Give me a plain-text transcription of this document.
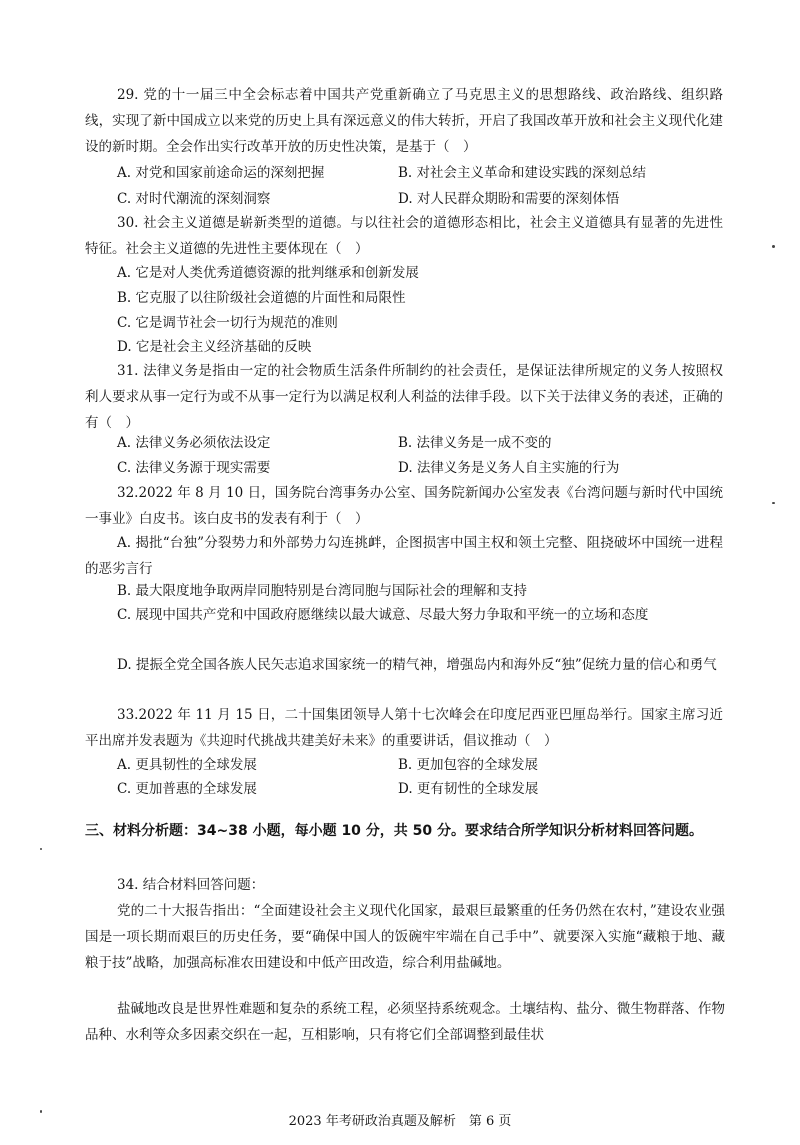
29. 党的十一届三中全会标志着中国共产党重新确立了马克思主义的思想路线、政治路线、组织路线，实现了新中国成立以来党的历史上具有深远意义的伟大转折，开启了我国改革开放和社会主义现代化建设的新时期。全会作出实行改革开放的历史性决策，是基于（　）

A. 对党和国家前途命运的深刻把握	B. 对社会主义革命和建设实践的深刻总结

C. 对时代潮流的深刻洞察	D. 对人民群众期盼和需要的深刻体悟

30. 社会主义道德是崭新类型的道德。与以往社会的道德形态相比，社会主义道德具有显著的先进性特征。社会主义道德的先进性主要体现在（　）

A. 它是对人类优秀道德资源的批判继承和创新发展

B. 它克服了以往阶级社会道德的片面性和局限性

C. 它是调节社会一切行为规范的准则

D. 它是社会主义经济基础的反映

31. 法律义务是指由一定的社会物质生活条件所制约的社会责任，是保证法律所规定的义务人按照权利人要求从事一定行为或不从事一定行为以满足权利人利益的法律手段。以下关于法律义务的表述，正确的有（　）

A. 法律义务必须依法设定	B. 法律义务是一成不变的

C. 法律义务源于现实需要	D. 法律义务是义务人自主实施的行为

32.2022 年 8 月 10 日，国务院台湾事务办公室、国务院新闻办公室发表《台湾问题与新时代中国统一事业》白皮书。该白皮书的发表有利于（　）

A. 揭批“台独”分裂势力和外部势力勾连挑衅，企图损害中国主权和领土完整、阻挠破坏中国统一进程的恶劣言行

B. 最大限度地争取两岸同胞特别是台湾同胞与国际社会的理解和支持

C. 展现中国共产党和中国政府愿继续以最大诚意、尽最大努力争取和平统一的立场和态度

D. 提振全党全国各族人民矢志追求国家统一的精气神，增强岛内和海外反“独”促统力量的信心和勇气

33.2022 年 11 月 15 日，二十国集团领导人第十七次峰会在印度尼西亚巴厘岛举行。国家主席习近平出席并发表题为《共迎时代挑战共建美好未来》的重要讲话，倡议推动（　）

A. 更具韧性的全球发展	B. 更加包容的全球发展

C. 更加普惠的全球发展	D. 更有韧性的全球发展

三、材料分析题：34~38 小题，每小题 10 分，共 50 分。要求结合所学知识分析材料回答问题。

34. 结合材料回答问题：

党的二十大报告指出：“全面建设社会主义现代化国家，最艰巨最繁重的任务仍然在农村，”建设农业强国是一项长期而艰巨的历史任务，要“确保中国人的饭碗牢牢端在自己手中”、就要深入实施“藏粮于地、藏粮于技”战略，加强高标准农田建设和中低产田改造，综合利用盐碱地。

盐碱地改良是世界性难题和复杂的系统工程，必须坚持系统观念。土壤结构、盐分、微生物群落、作物品种、水利等众多因素交织在一起，互相影响，只有将它们全部调整到最佳状

2023 年考研政治真题及解析　第 6 页
